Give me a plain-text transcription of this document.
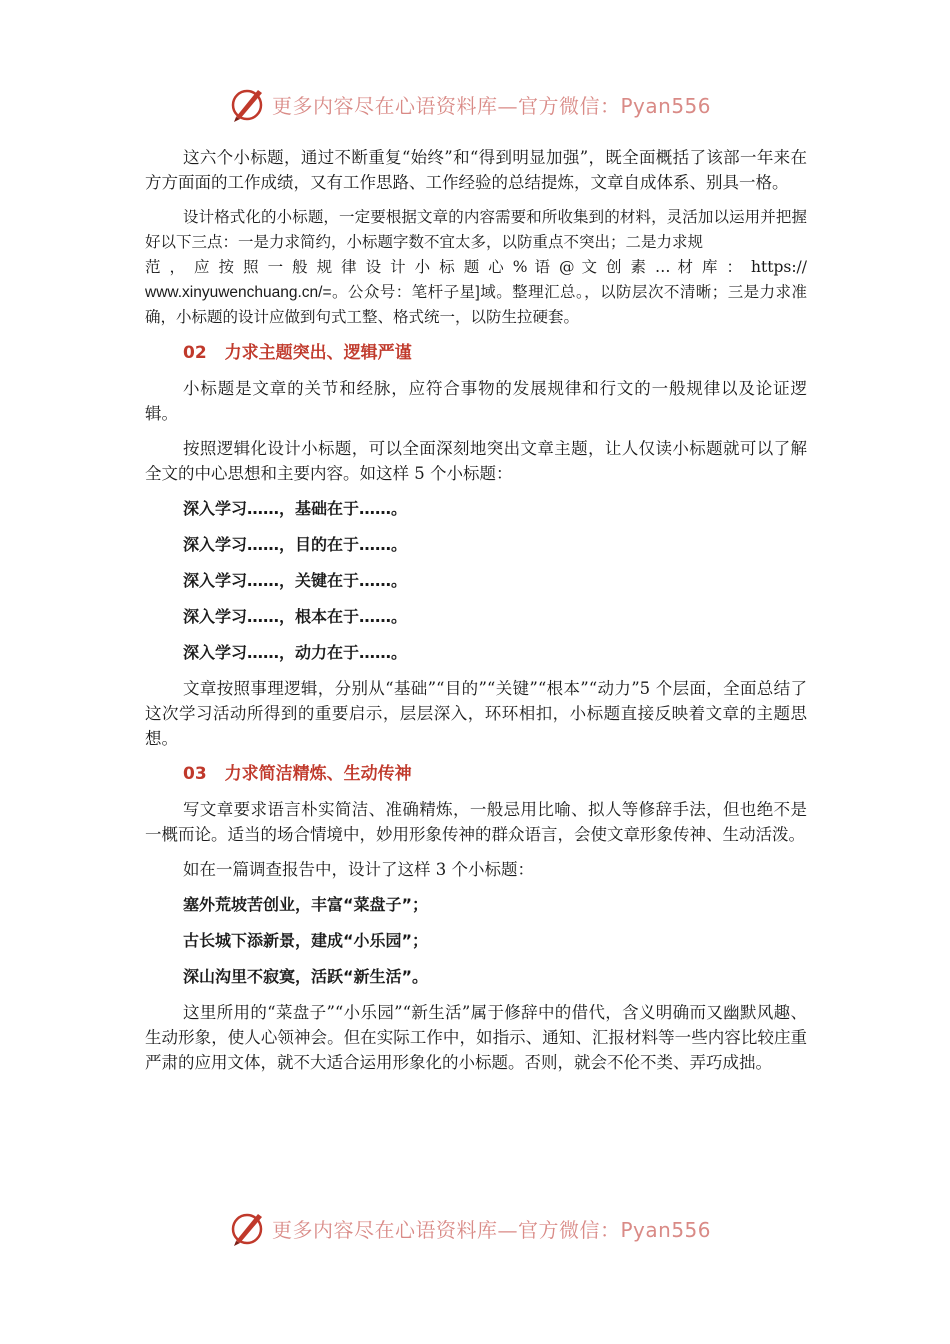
更多内容尽在心语资料库—官方微信：Pyan556

这六个小标题，通过不断重复“始终”和“得到明显加强”，既全面概括了该部一年来在方方面面的工作成绩，又有工作思路、工作经验的总结提炼，文章自成体系、别具一格。

设计格式化的小标题，一定要根据文章的内容需要和所收集到的材料，灵活加以运用并把握好以下三点：一是力求简约，小标题字数不宜太多，以防重点不突出；二是力求规

范 ， 应 按 照 一 般 规 律 设 计 小 标 题 心 % 语 @ 文 创 素 … 材 库 ： https://

www.xinyuwenchuang.cn/=。公众号：笔杆子星]域。整理汇总。，以防层次不清晰；三是力求准确，小标题的设计应做到句式工整、格式统一，以防生拉硬套。

02 力求主题突出、逻辑严谨

小标题是文章的关节和经脉，应符合事物的发展规律和行文的一般规律以及论证逻辑。

按照逻辑化设计小标题，可以全面深刻地突出文章主题，让人仅读小标题就可以了解全文的中心思想和主要内容。如这样 5 个小标题：

深入学习……，基础在于……。

深入学习……，目的在于……。

深入学习……，关键在于……。

深入学习……，根本在于……。

深入学习……，动力在于……。

文章按照事理逻辑，分别从“基础”“目的”“关键”“根本”“动力”5 个层面，全面总结了这次学习活动所得到的重要启示，层层深入，环环相扣，小标题直接反映着文章的主题思想。

03 力求简洁精炼、生动传神

写文章要求语言朴实简洁、准确精炼，一般忌用比喻、拟人等修辞手法，但也绝不是一概而论。适当的场合情境中，妙用形象传神的群众语言，会使文章形象传神、生动活泼。

如在一篇调查报告中，设计了这样 3 个小标题：

塞外荒坡苦创业，丰富“菜盘子”；

古长城下添新景，建成“小乐园”；

深山沟里不寂寞，活跃“新生活”。

这里所用的“菜盘子”“小乐园”“新生活”属于修辞中的借代，含义明确而又幽默风趣、生动形象，使人心领神会。但在实际工作中，如指示、通知、汇报材料等一些内容比较庄重严肃的应用文体，就不大适合运用形象化的小标题。否则，就会不伦不类、弄巧成拙。

更多内容尽在心语资料库—官方微信：Pyan556
